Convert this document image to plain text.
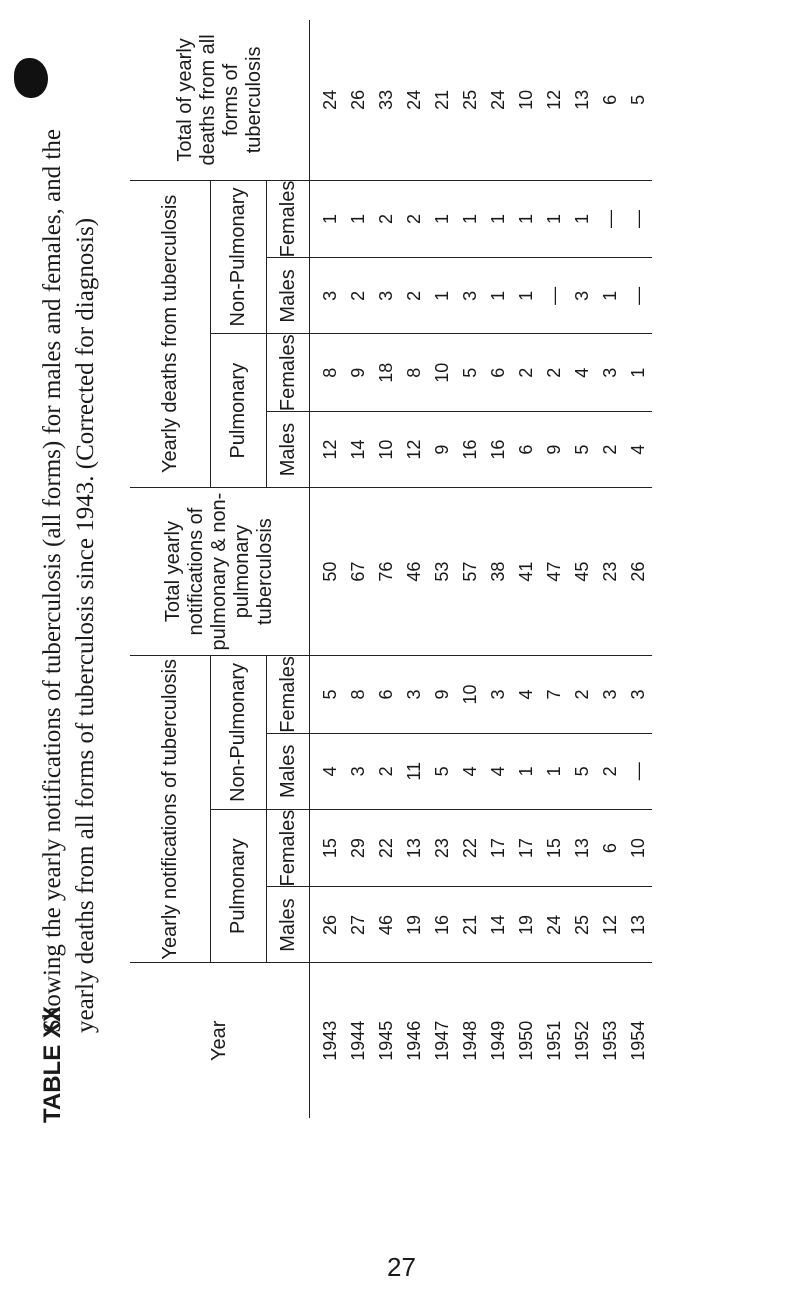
TABLE XXShowing the yearly notifications of tuberculosis (all forms) for males and females, and the yearly deaths from all forms of tuberculosis since 1943. (Corrected for diagnosis)
Year	Yearly notifications of tuberculosis				Total yearly notifications of pulmonary & non-pulmonary tuberculosis	Yearly deaths from tuberculosis				Total of yearly deaths from all forms of tuberculosis
	Pulmonary		Non-Pulmonary			Pulmonary		Non-Pulmonary		
	Males	Females	Males	Females		Males	Females	Males	Females	
1943	26	15	4	5	50	12	8	3	1	24
1944	27	29	3	8	67	14	9	2	1	26
1945	46	22	2	6	76	10	18	3	2	33
1946	19	13	11	3	46	12	8	2	2	24
1947	16	23	5	9	53	9	10	1	1	21
1948	21	22	4	10	57	16	5	3	1	25
1949	14	17	4	3	38	16	6	1	1	24
1950	19	17	1	4	41	6	2	1	1	10
1951	24	15	1	7	47	9	2	—	1	12
1952	25	13	5	2	45	5	4	3	1	13
1953	12	6	2	3	23	2	3	1	—	6
1954	13	10	—	3	26	4	1	—	—	5
27
